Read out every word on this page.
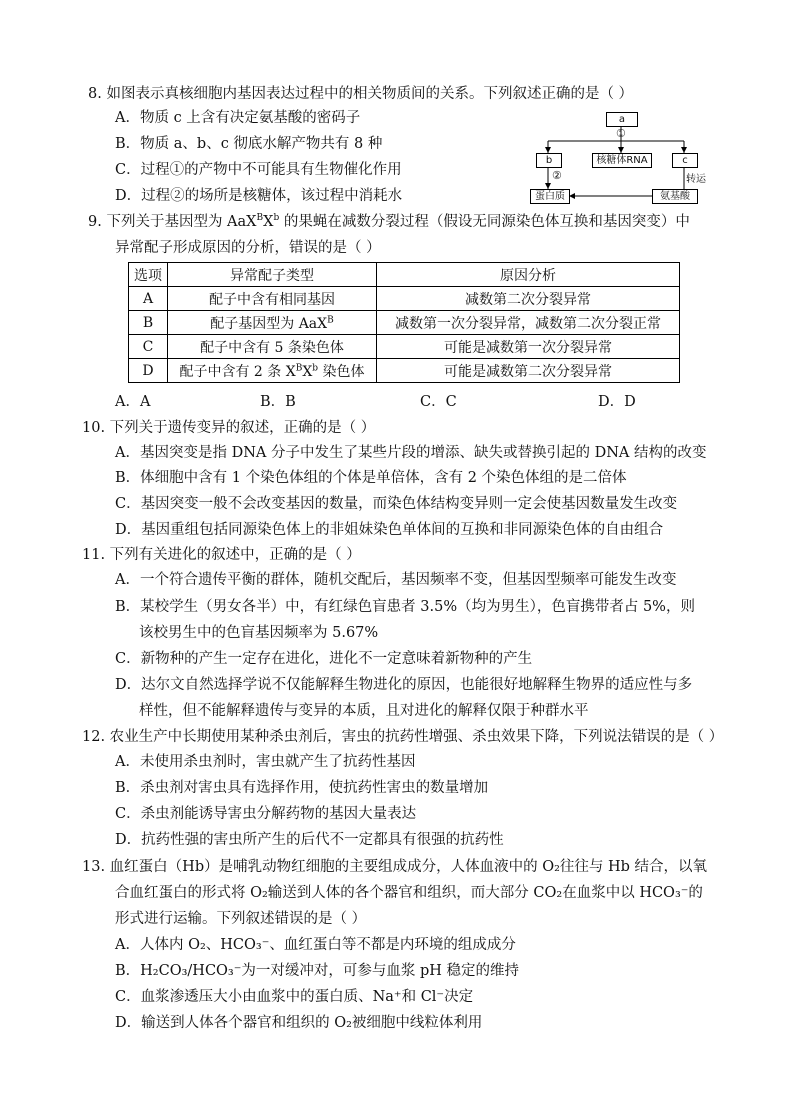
8. 如图表示真核细胞内基因表达过程中的相关物质间的关系。下列叙述正确的是（ ）
A．物质 c 上含有决定氨基酸的密码子
B．物质 a、b、c 彻底水解产物共有 8 种
C．过程①的产物中不可能具有生物催化作用
D．过程②的场所是核糖体，该过程中消耗水
a
①
b	核糖体RNA	c
②	转运
蛋白质	氨基酸
9. 下列关于基因型为 $AaX^BX^b$ 的果蝇在减数分裂过程（假设无同源染色体互换和基因突变）中
异常配子形成原因的分析，错误的是（ ）
选项	异常配子类型	原因分析
A	配子中含有相同基因	减数第二次分裂异常
B	配子基因型为 AaX$^B$	减数第一次分裂异常，减数第二次分裂正常
C	配子中含有 5 条染色体	可能是减数第一次分裂异常
D	配子中含有 2 条 $X^BX^b$ 染色体	可能是减数第二次分裂异常
A．A	B．B	C．C	D．D
10. 下列关于遗传变异的叙述，正确的是（ ）
A．基因突变是指 DNA 分子中发生了某些片段的增添、缺失或替换引起的 DNA 结构的改变
B．体细胞中含有 1 个染色体组的个体是单倍体，含有 2 个染色体组的是二倍体
C．基因突变一般不会改变基因的数量，而染色体结构变异则一定会使基因数量发生改变
D．基因重组包括同源染色体上的非姐妹染色单体间的互换和非同源染色体的自由组合
11. 下列有关进化的叙述中，正确的是（ ）
A．一个符合遗传平衡的群体，随机交配后，基因频率不变，但基因型频率可能发生改变
B．某校学生（男女各半）中，有红绿色盲患者 3.5%（均为男生），色盲携带者占 5%，则
该校男生中的色盲基因频率为 5.67%
C．新物种的产生一定存在进化，进化不一定意味着新物种的产生
D．达尔文自然选择学说不仅能解释生物进化的原因，也能很好地解释生物界的适应性与多
样性，但不能解释遗传与变异的本质，且对进化的解释仅限于种群水平
12. 农业生产中长期使用某种杀虫剂后，害虫的抗药性增强、杀虫效果下降，下列说法错误的是（ ）
A．未使用杀虫剂时，害虫就产生了抗药性基因
B．杀虫剂对害虫具有选择作用，使抗药性害虫的数量增加
C．杀虫剂能诱导害虫分解药物的基因大量表达
D．抗药性强的害虫所产生的后代不一定都具有很强的抗药性
13. 血红蛋白（Hb）是哺乳动物红细胞的主要组成成分，人体血液中的 O₂往往与 Hb 结合，以氧
合血红蛋白的形式将 O₂输送到人体的各个器官和组织，而大部分 CO₂在血浆中以 HCO₃⁻的
形式进行运输。下列叙述错误的是（ ）
A．人体内 O₂、HCO₃⁻、血红蛋白等不都是内环境的组成成分
B．H₂CO₃/HCO₃⁻为一对缓冲对，可参与血浆 pH 稳定的维持
C．血浆渗透压大小由血浆中的蛋白质、Na⁺和 Cl⁻决定
D．输送到人体各个器官和组织的 O₂被细胞中线粒体利用
